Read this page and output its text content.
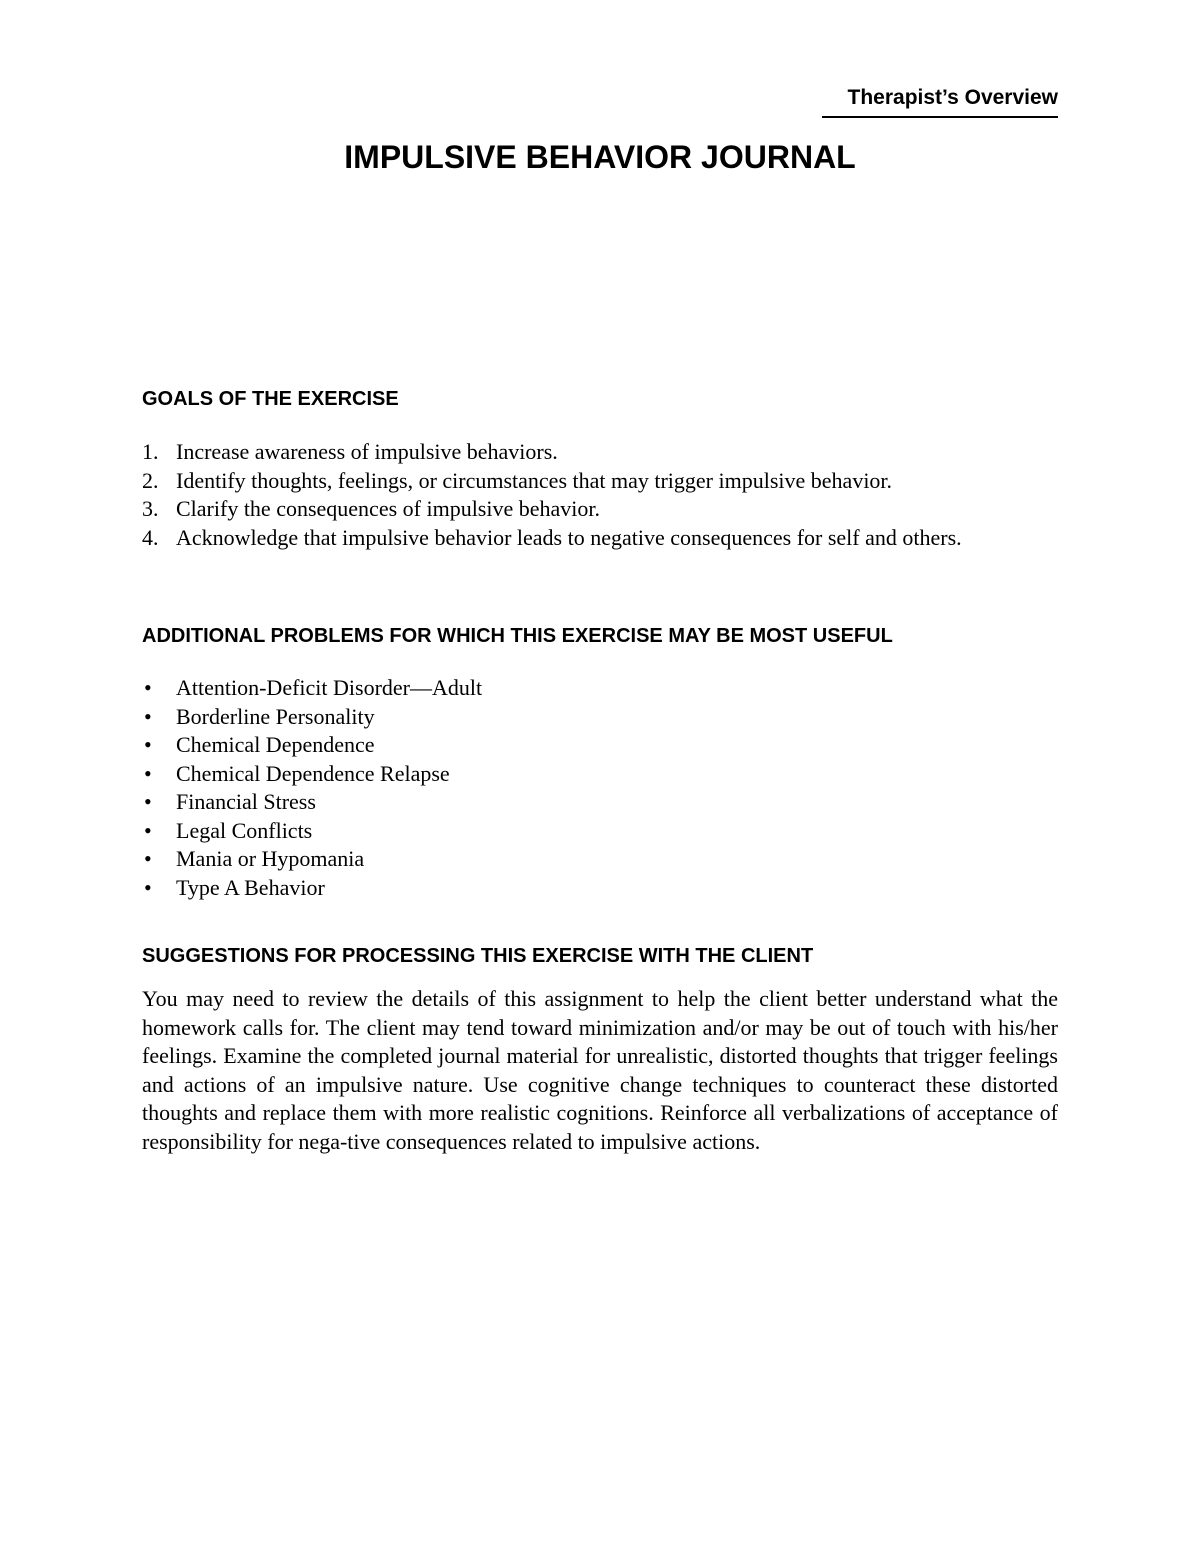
Therapist’s Overview
IMPULSIVE BEHAVIOR JOURNAL
GOALS OF THE EXERCISE
1. Increase awareness of impulsive behaviors.
2. Identify thoughts, feelings, or circumstances that may trigger impulsive behavior.
3. Clarify the consequences of impulsive behavior.
4. Acknowledge that impulsive behavior leads to negative consequences for self and others.
ADDITIONAL PROBLEMS FOR WHICH THIS EXERCISE MAY BE MOST USEFUL
•	Attention-Deficit Disorder—Adult
•	Borderline Personality
•	Chemical Dependence
•	Chemical Dependence Relapse
•	Financial Stress
•	Legal Conflicts
•	Mania or Hypomania
•	Type A Behavior
SUGGESTIONS FOR PROCESSING THIS EXERCISE WITH THE CLIENT

You may need to review the details of this assignment to help the client better understand what the homework calls for. The client may tend toward minimization and/or may be out of touch with his/her feelings. Examine the completed journal material for unrealistic, distorted thoughts that trigger feelings and actions of an impulsive nature. Use cognitive change techniques to counteract these distorted thoughts and replace them with more realistic cognitions. Reinforce all verbalizations of acceptance of responsibility for nega-tive consequences related to impulsive actions.
